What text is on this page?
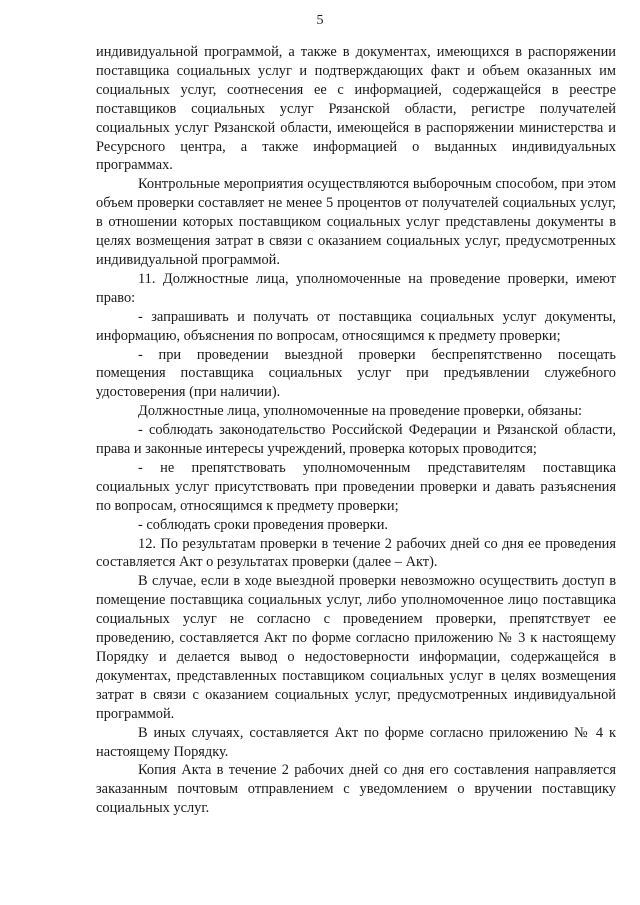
5

индивидуальной программой, а также в документах, имеющихся в распоряжении поставщика социальных услуг и подтверждающих факт и объем оказанных им социальных услуг, соотнесения ее с информацией, содержащейся в реестре поставщиков социальных услуг Рязанской области, регистре получателей социальных услуг Рязанской области, имеющейся в распоряжении министерства и Ресурсного центра, а также информацией о выданных индивидуальных программах.

Контрольные мероприятия осуществляются выборочным способом, при этом объем проверки составляет не менее 5 процентов от получателей социальных услуг, в отношении которых поставщиком социальных услуг представлены документы в целях возмещения затрат в связи с оказанием социальных услуг, предусмотренных индивидуальной программой.

11. Должностные лица, уполномоченные на проведение проверки, имеют право:

- запрашивать и получать от поставщика социальных услуг документы, информацию, объяснения по вопросам, относящимся к предмету проверки;

- при проведении выездной проверки беспрепятственно посещать помещения поставщика социальных услуг при предъявлении служебного удостоверения (при наличии).

Должностные лица, уполномоченные на проведение проверки, обязаны:

- соблюдать законодательство Российской Федерации и Рязанской области, права и законные интересы учреждений, проверка которых проводится;

- не препятствовать уполномоченным представителям поставщика социальных услуг присутствовать при проведении проверки и давать разъяснения по вопросам, относящимся к предмету проверки;

- соблюдать сроки проведения проверки.

12. По результатам проверки в течение 2 рабочих дней со дня ее проведения составляется Акт о результатах проверки (далее – Акт).

В случае, если в ходе выездной проверки невозможно осуществить доступ в помещение поставщика социальных услуг, либо уполномоченное лицо поставщика социальных услуг не согласно с проведением проверки, препятствует ее проведению, составляется Акт по форме согласно приложению № 3 к настоящему Порядку и делается вывод о недостоверности информации, содержащейся в документах, представленных поставщиком социальных услуг в целях возмещения затрат в связи с оказанием социальных услуг, предусмотренных индивидуальной программой.

В иных случаях, составляется Акт по форме согласно приложению № 4 к настоящему Порядку.

Копия Акта в течение 2 рабочих дней со дня его составления направляется заказанным почтовым отправлением с уведомлением о вручении поставщику социальных услуг.
